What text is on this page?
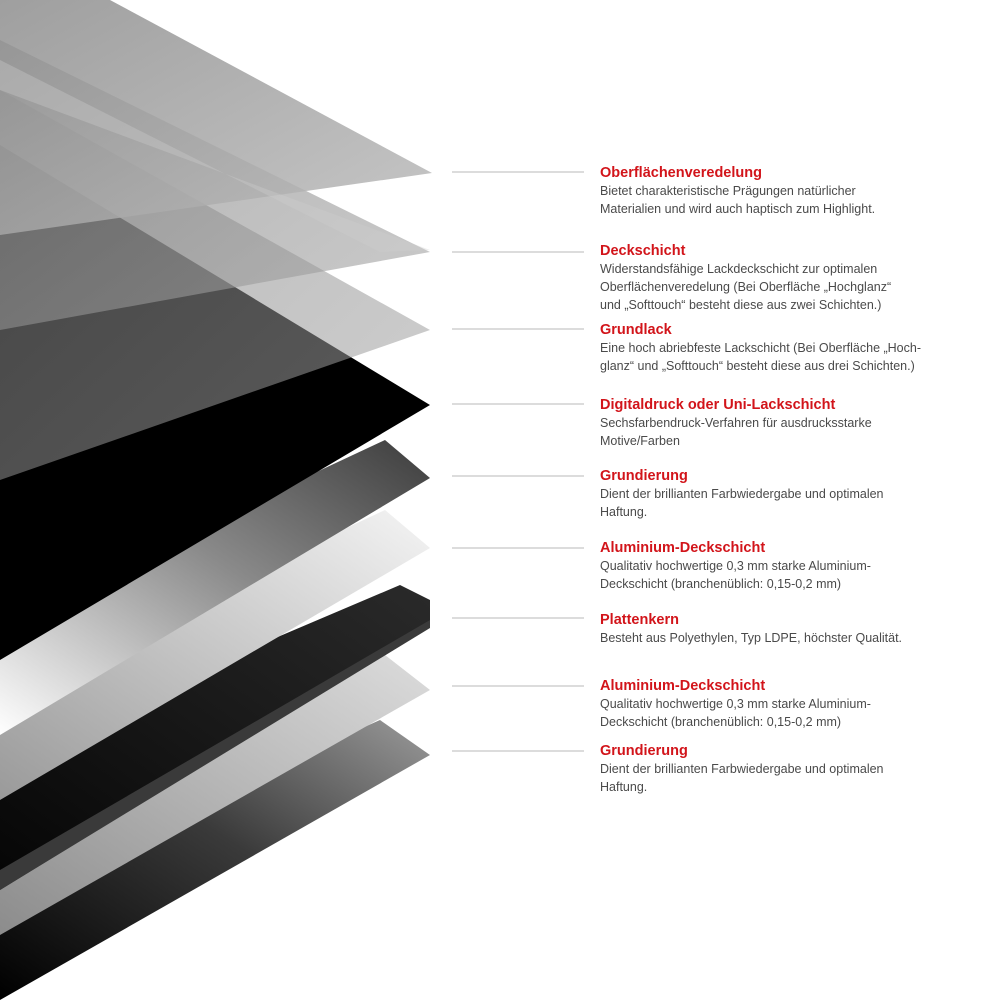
Oberflächenveredelung
Bietet charakteristische Prägungen natürlicher
Materialien und wird auch haptisch zum Highlight.
Deckschicht
Widerstandsfähige Lackdeckschicht zur optimalen
Oberflächenveredelung (Bei Oberfläche „Hochglanz“
und „Softtouch“ besteht diese aus zwei Schichten.)
Grundlack
Eine hoch abriebfeste Lackschicht (Bei Oberfläche „Hoch-
glanz“ und „Softtouch“ besteht diese aus drei Schichten.)
Digitaldruck oder Uni-Lackschicht
Sechsfarbendruck-Verfahren für ausdrucksstarke
Motive/Farben
Grundierung
Dient der brillianten Farbwiedergabe und optimalen
Haftung.
Aluminium-Deckschicht
Qualitativ hochwertige 0,3 mm starke Aluminium-
Deckschicht (branchenüblich: 0,15-0,2 mm)
Plattenkern
Besteht aus Polyethylen, Typ LDPE, höchster Qualität.
Aluminium-Deckschicht
Qualitativ hochwertige 0,3 mm starke Aluminium-
Deckschicht (branchenüblich: 0,15-0,2 mm)
Grundierung
Dient der brillianten Farbwiedergabe und optimalen
Haftung.
